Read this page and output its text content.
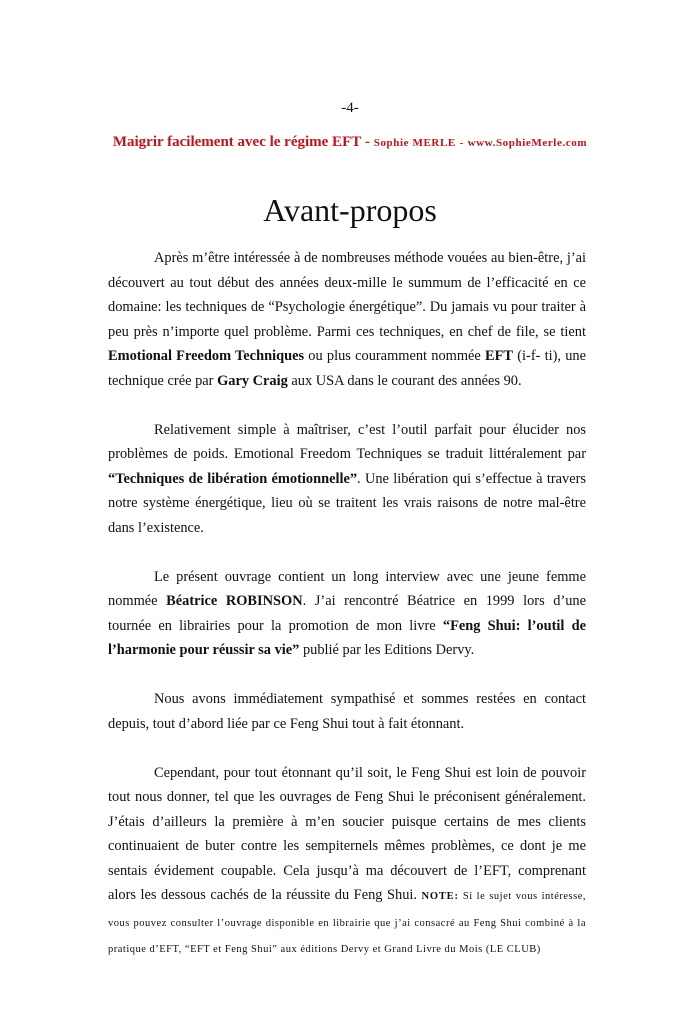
-4-
Maigrir facilement avec le régime EFT - Sophie MERLE - www.SophieMerle.com
Avant-propos

Après m’être intéressée à de nombreuses méthode vouées au bien-être, j’ai découvert au tout début des années deux-mille le summum de l’efficacité en ce domaine: les techniques de “Psychologie énergétique”. Du jamais vu pour traiter à peu près n’importe quel problème. Parmi ces techniques, en chef de file, se tient Emotional Freedom Techniques ou plus couramment nommée EFT (i-f- ti), une technique crée par Gary Craig aux USA dans le courant des années 90.

Relativement simple à maîtriser, c’est l’outil parfait pour élucider nos problèmes de poids. Emotional Freedom Techniques se traduit littéralement par “Techniques de libération émotionnelle”. Une libération qui s’effectue à travers notre système énergétique, lieu où se traitent les vrais raisons de notre mal-être dans l’existence.

Le présent ouvrage contient un long interview avec une jeune femme nommée Béatrice ROBINSON. J’ai rencontré Béatrice en 1999 lors d’une tournée en librairies pour la promotion de mon livre “Feng Shui: l’outil de l’harmonie pour réussir sa vie” publié par les Editions Dervy.

Nous avons immédiatement sympathisé et sommes restées en contact depuis, tout d’abord liée par ce Feng Shui tout à fait étonnant.

Cependant, pour tout étonnant qu’il soit, le Feng Shui est loin de pouvoir tout nous donner, tel que les ouvrages de Feng Shui le préconisent généralement. J’étais d’ailleurs la première à m’en soucier puisque certains de mes clients continuaient de buter contre les sempiternels mêmes problèmes, ce dont je me sentais évidement coupable. Cela jusqu’à ma découvert de l’EFT, comprenant alors les dessous cachés de la réussite du Feng Shui. NOTE: Si le sujet vous intéresse, vous pouvez consulter l’ouvrage disponible en librairie que j’ai consacré au Feng Shui combiné à la pratique d’EFT, “EFT et Feng Shui” aux éditions Dervy et Grand Livre du Mois (LE CLUB)
